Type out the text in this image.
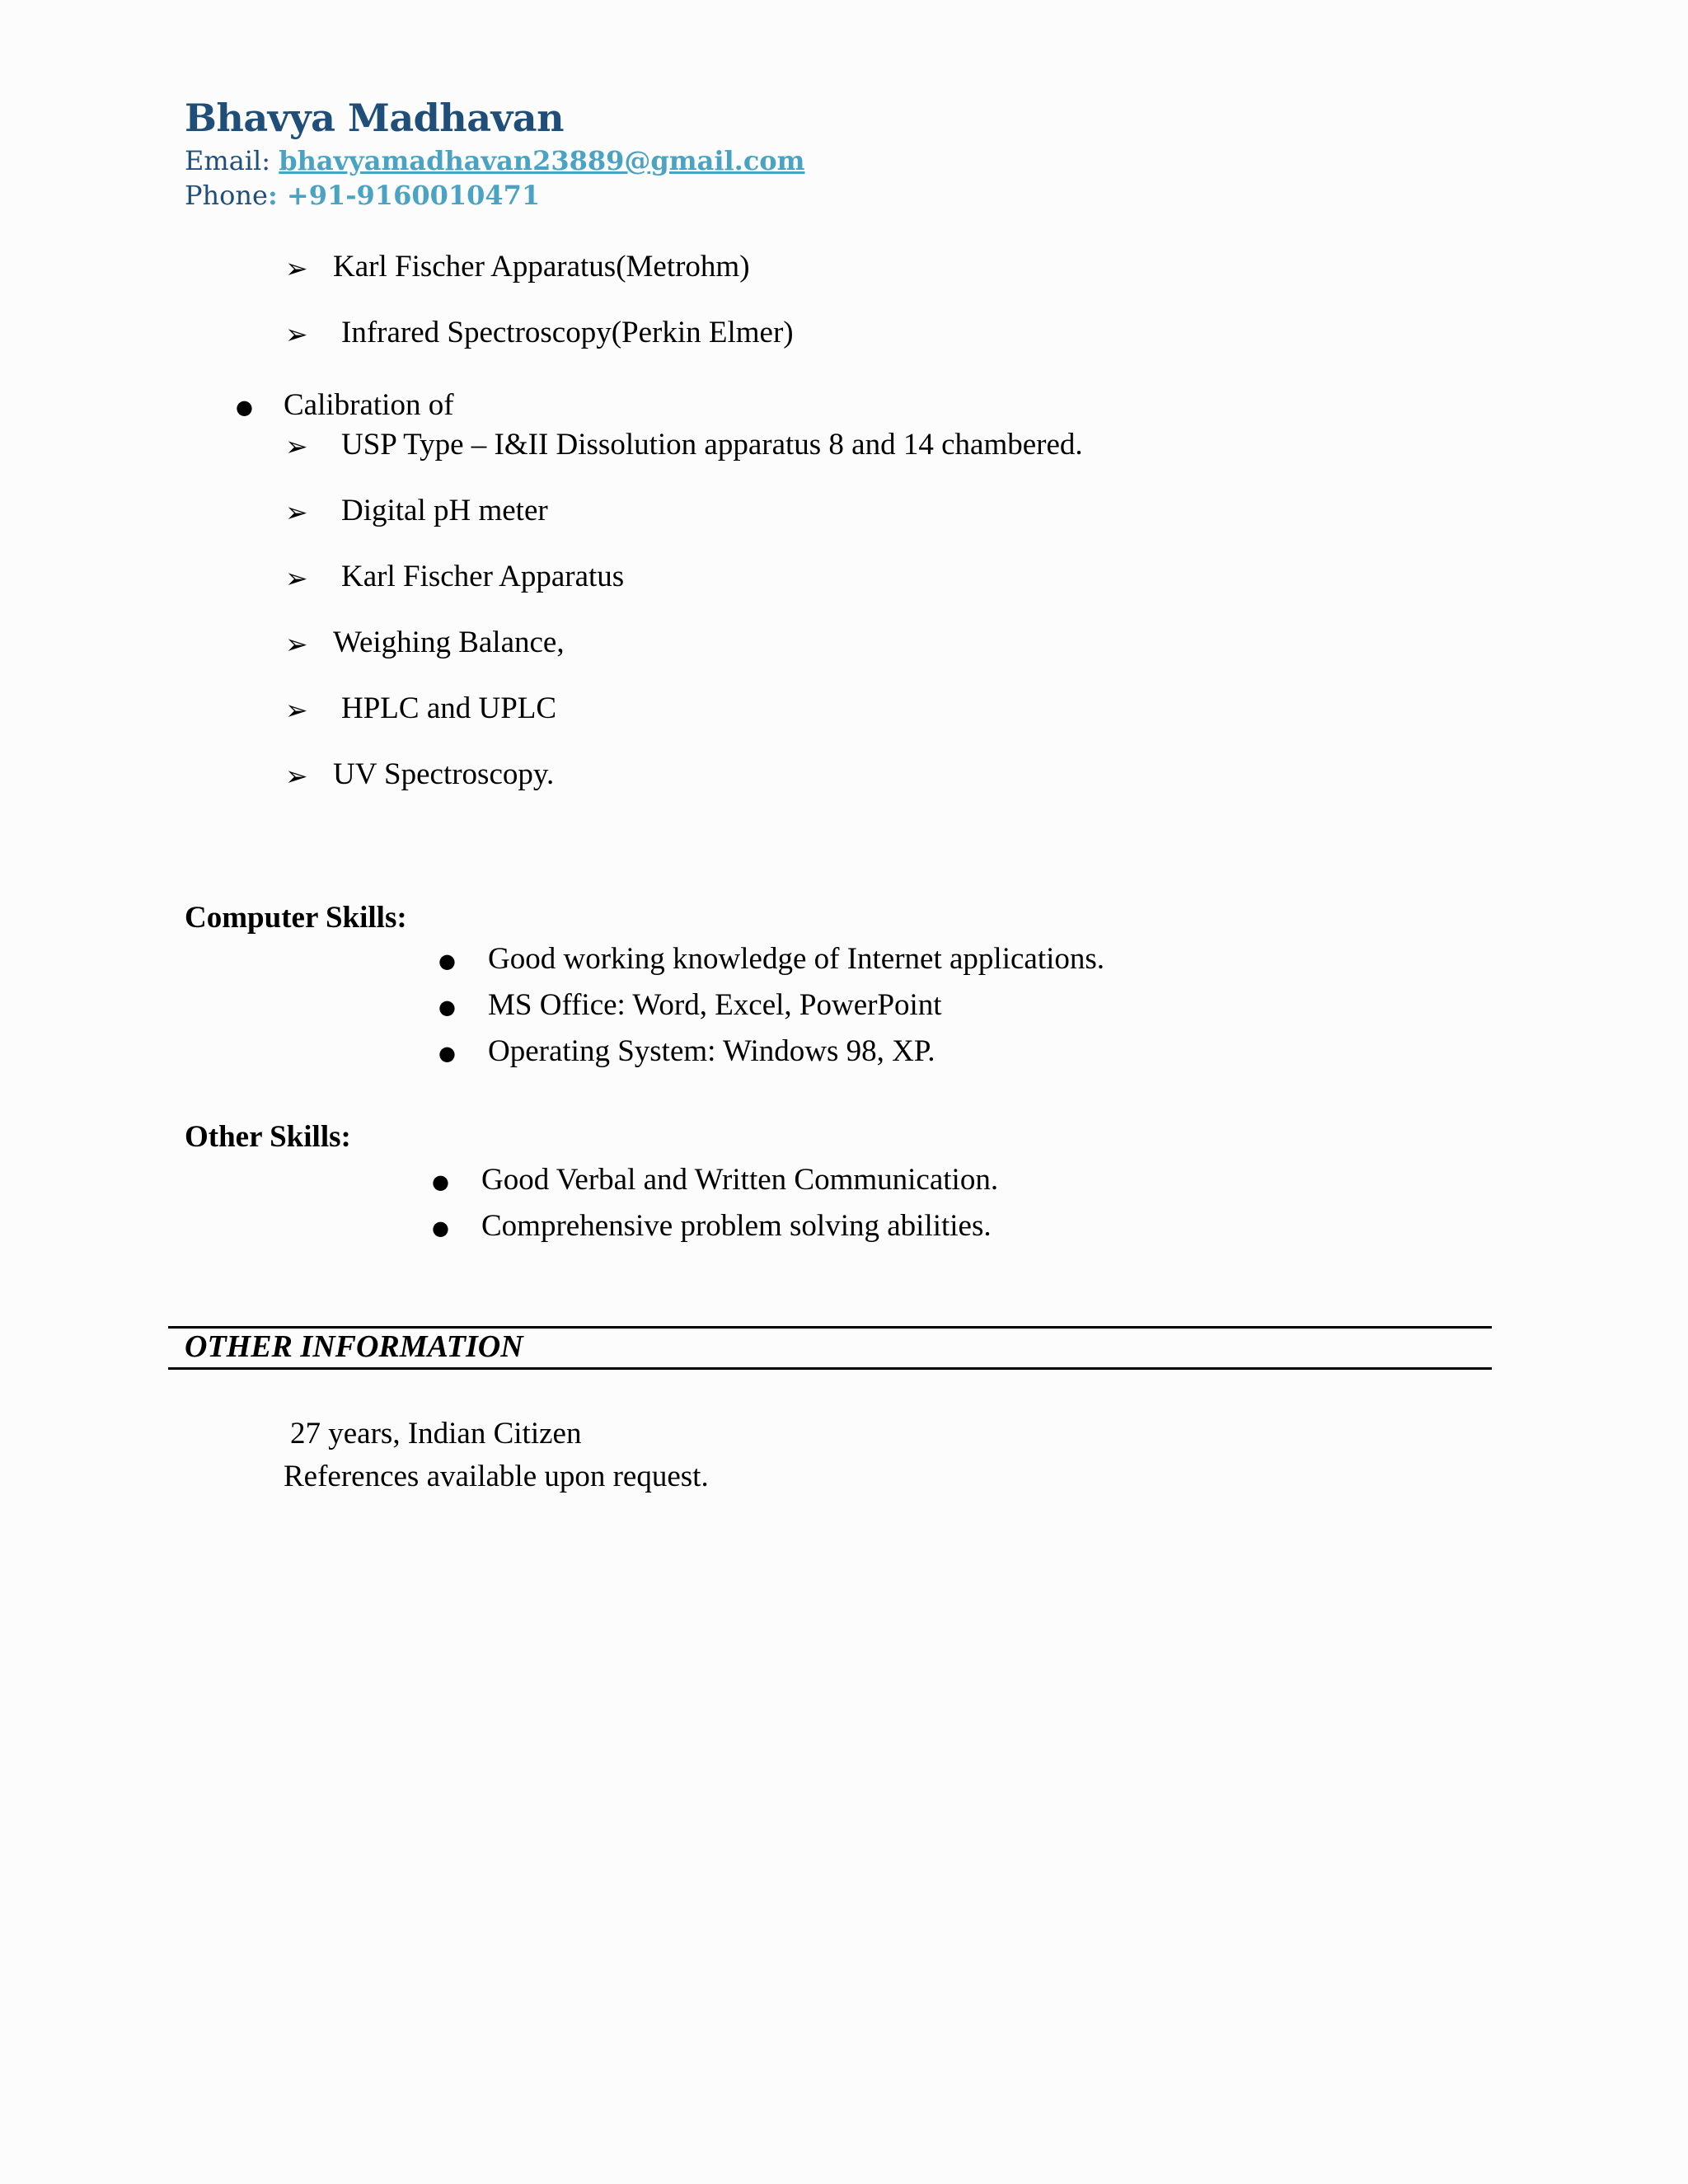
Bhavya Madhavan
Email: bhavyamadhavan23889@gmail.com
Phone: +91-9160010471
➢ Karl Fischer Apparatus(Metrohm)
➢ Infrared Spectroscopy(Perkin Elmer)
● Calibration of
➢ USP Type – I&II Dissolution apparatus 8 and 14 chambered.
➢ Digital pH meter
➢ Karl Fischer Apparatus
➢ Weighing Balance,
➢ HPLC and UPLC
➢ UV Spectroscopy.
Computer Skills:
● Good working knowledge of Internet applications.
● MS Office: Word, Excel, PowerPoint
● Operating System: Windows 98, XP.
Other Skills:
● Good Verbal and Written Communication.
● Comprehensive problem solving abilities.
OTHER INFORMATION
27 years, Indian Citizen
References available upon request.
